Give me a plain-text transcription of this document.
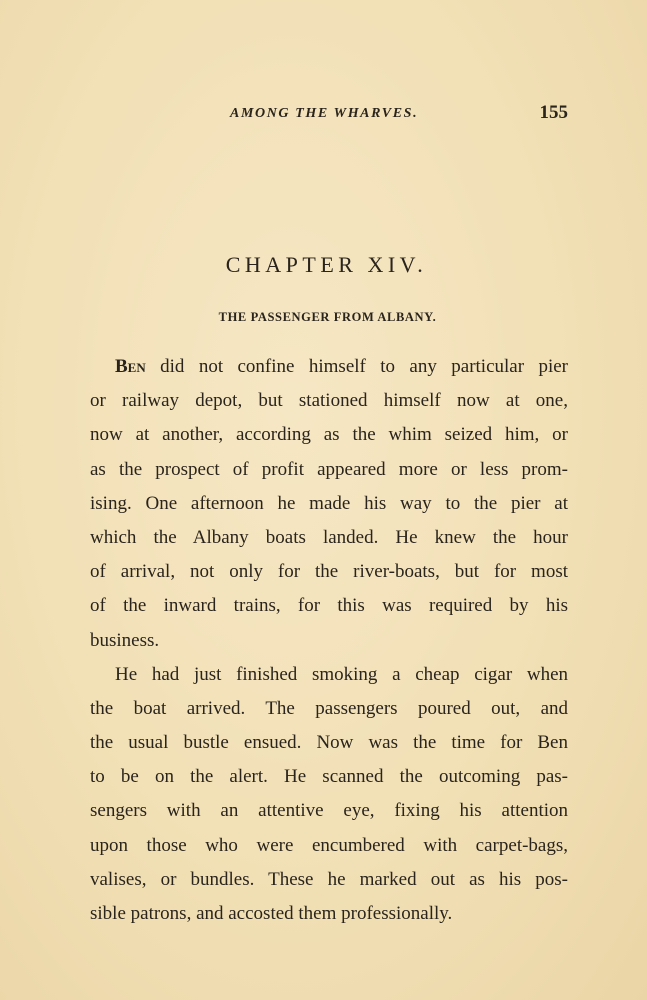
AMONG THE WHARVES.	155
CHAPTER XIV.
THE PASSENGER FROM ALBANY.
Ben did not confine himself to any particular pier
or railway depot, but stationed himself now at one,
now at another, according as the whim seized him, or
as the prospect of profit appeared more or less prom-
ising. One afternoon he made his way to the pier at
which the Albany boats landed. He knew the hour
of arrival, not only for the river-boats, but for most
of the inward trains, for this was required by his
business.
He had just finished smoking a cheap cigar when
the boat arrived. The passengers poured out, and
the usual bustle ensued. Now was the time for Ben
to be on the alert. He scanned the outcoming pas-
sengers with an attentive eye, fixing his attention
upon those who were encumbered with carpet-bags,
valises, or bundles. These he marked out as his pos-
sible patrons, and accosted them professionally.
